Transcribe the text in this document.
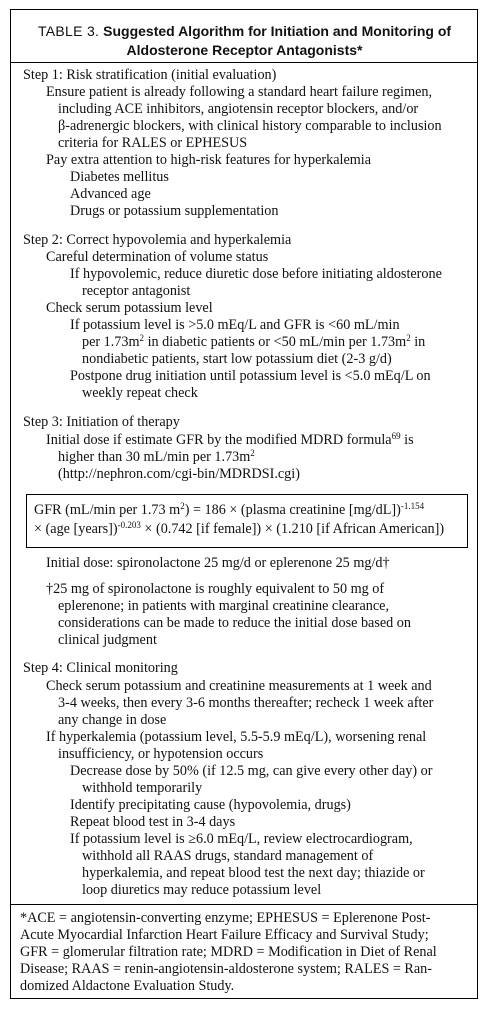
TABLE 3. Suggested Algorithm for Initiation and Monitoring of
Aldosterone Receptor Antagonists*
Step 1: Risk stratification (initial evaluation)
Ensure patient is already following a standard heart failure regimen,
including ACE inhibitors, angiotensin receptor blockers, and/or
β-adrenergic blockers, with clinical history comparable to inclusion
criteria for RALES or EPHESUS
Pay extra attention to high-risk features for hyperkalemia
Diabetes mellitus
Advanced age
Drugs or potassium supplementation
Step 2: Correct hypovolemia and hyperkalemia
Careful determination of volume status
If hypovolemic, reduce diuretic dose before initiating aldosterone
receptor antagonist
Check serum potassium level
If potassium level is >5.0 mEq/L and GFR is <60 mL/min
per $1.73m^2$ in diabetic patients or <50 mL/min per $1.73m^2$ in
nondiabetic patients, start low potassium diet (2-3 g/d)
Postpone drug initiation until potassium level is <5.0 mEq/L on
weekly repeat check
Step 3: Initiation of therapy
Initial dose if estimate GFR by the modified MDRD formula$^{69}$ is
higher than 30 mL/min per $1.73m^2$
(http://nephron.com/cgi-bin/MDRDSI.cgi)
GFR (mL/min per 1.73 $m^2) = 186$ × (plasma creatinine [mg/dL])$^{-1.154}$
× (age [years])$^{-0.203}$ × (0.742 [if female]) × (1.210 [if African American])
Initial dose: spironolactone 25 mg/d or eplerenone 25 mg/d†
†25 mg of spironolactone is roughly equivalent to 50 mg of
eplerenone; in patients with marginal creatinine clearance,
considerations can be made to reduce the initial dose based on
clinical judgment
Step 4: Clinical monitoring
Check serum potassium and creatinine measurements at 1 week and
3-4 weeks, then every 3-6 months thereafter; recheck 1 week after
any change in dose
If hyperkalemia (potassium level, 5.5-5.9 mEq/L), worsening renal
insufficiency, or hypotension occurs
Decrease dose by 50% (if 12.5 mg, can give every other day) or
withhold temporarily
Identify precipitating cause (hypovolemia, drugs)
Repeat blood test in 3-4 days
If potassium level is ≥6.0 mEq/L, review electrocardiogram,
withhold all RAAS drugs, standard management of
hyperkalemia, and repeat blood test the next day; thiazide or
loop diuretics may reduce potassium level
*ACE = angiotensin-converting enzyme; EPHESUS = Eplerenone Post-
Acute Myocardial Infarction Heart Failure Efficacy and Survival Study;
GFR = glomerular filtration rate; MDRD = Modification in Diet of Renal
Disease; RAAS = renin-angiotensin-aldosterone system; RALES = Ran-
domized Aldactone Evaluation Study.
